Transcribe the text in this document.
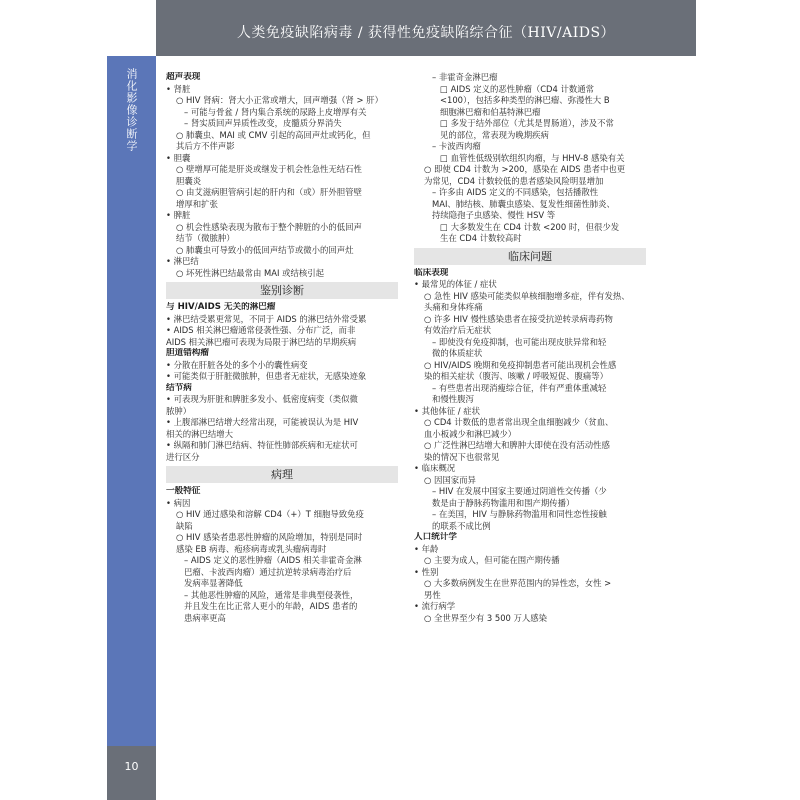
人类免疫缺陷病毒 / 获得性免疫缺陷综合征（HIV/AIDS）
消化影像诊断学
10
超声表现
• 肾脏
○ HIV 肾病：肾大小正常或增大，回声增强（肾 > 肝）
– 可能与骨盆 / 肾内集合系统的尿路上皮增厚有关
– 肾实质回声异质性改变，皮髓质分界消失
○ 肺囊虫、MAI 或 CMV 引起的高回声灶或钙化，但
其后方不伴声影
• 胆囊
○ 壁增厚可能是肝炎或继发于机会性急性无结石性
胆囊炎
○ 由艾滋病胆管病引起的肝内和（或）肝外胆管壁
增厚和扩张
• 脾脏
○ 机会性感染表现为散布于整个脾脏的小的低回声
结节（微脓肿）
○ 肺囊虫可导致小的低回声结节或微小的回声灶
• 淋巴结
○ 坏死性淋巴结最常由 MAI 或结核引起
鉴别诊断
与 HIV/AIDS 无关的淋巴瘤
• 淋巴结受累更常见，不同于 AIDS 的淋巴结外常受累
• AIDS 相关淋巴瘤通常侵袭性强、分布广泛，而非
AIDS 相关淋巴瘤可表现为局限于淋巴结的早期疾病
胆道错构瘤
• 分散在肝脏各处的多个小的囊性病变
• 可能类似于肝脏微脓肿，但患者无症状，无感染迹象
结节病
• 可表现为肝脏和脾脏多发小、低密度病变（类似微
脓肿）
• 上腹部淋巴结增大经常出现，可能被误认为是 HIV
相关的淋巴结增大
• 纵隔和肺门淋巴结病、特征性肺部疾病和无症状可
进行区分
病理
一般特征
• 病因
○ HIV 通过感染和溶解 CD4（+）T 细胞导致免疫
缺陷
○ HIV 感染者患恶性肿瘤的风险增加，特别是同时
感染 EB 病毒、疱疹病毒或乳头瘤病毒时
– AIDS 定义的恶性肿瘤（AIDS 相关非霍奇金淋
巴瘤、卡波西肉瘤）通过抗逆转录病毒治疗后
发病率显著降低
– 其他恶性肿瘤的风险，通常是非典型侵袭性，
并且发生在比正常人更小的年龄，AIDS 患者的
患病率更高
– 非霍奇金淋巴瘤
□ AIDS 定义的恶性肿瘤（CD4 计数通常
<100），包括多种类型的淋巴瘤、弥漫性大 B
细胞淋巴瘤和伯基特淋巴瘤
□ 多发于结外部位（尤其是胃肠道），涉及不常
见的部位，常表现为晚期疾病
– 卡波西肉瘤
□ 血管性低级别软组织肉瘤，与 HHV-8 感染有关
○ 即使 CD4 计数为 >200，感染在 AIDS 患者中也更
为常见，CD4 计数较低的患者感染风险明显增加
– 许多由 AIDS 定义的不同感染，包括播散性
MAI、肺结核、肺囊虫感染、复发性细菌性肺炎、
持续隐孢子虫感染、慢性 HSV 等
□ 大多数发生在 CD4 计数 <200 时，但很少发
生在 CD4 计数较高时
临床问题
临床表现
• 最常见的体征 / 症状
○ 急性 HIV 感染可能类似单核细胞增多症，伴有发热、
头痛和身体疼痛
○ 许多 HIV 慢性感染患者在接受抗逆转录病毒药物
有效治疗后无症状
– 即使没有免疫抑制，也可能出现皮肤异常和轻
微的体质症状
○ HIV/AIDS 晚期和免疫抑制患者可能出现机会性感
染的相关症状（腹泻、咳嗽 / 呼吸短促、腹痛等）
– 有些患者出现消瘦综合征，伴有严重体重减轻
和慢性腹泻
• 其他体征 / 症状
○ CD4 计数低的患者常出现全血细胞减少（贫血、
血小板减少和淋巴减少）
○ 广泛性淋巴结增大和脾肿大即使在没有活动性感
染的情况下也很常见
• 临床概况
○ 因国家而异
– HIV 在发展中国家主要通过阴道性交传播（少
数是由于静脉药物滥用和围产期传播）
– 在美国，HIV 与静脉药物滥用和同性恋性接触
的联系不成比例
人口统计学
• 年龄
○ 主要为成人，但可能在围产期传播
• 性别
○ 大多数病例发生在世界范围内的异性恋，女性 >
男性
• 流行病学
○ 全世界至少有 3 500 万人感染
